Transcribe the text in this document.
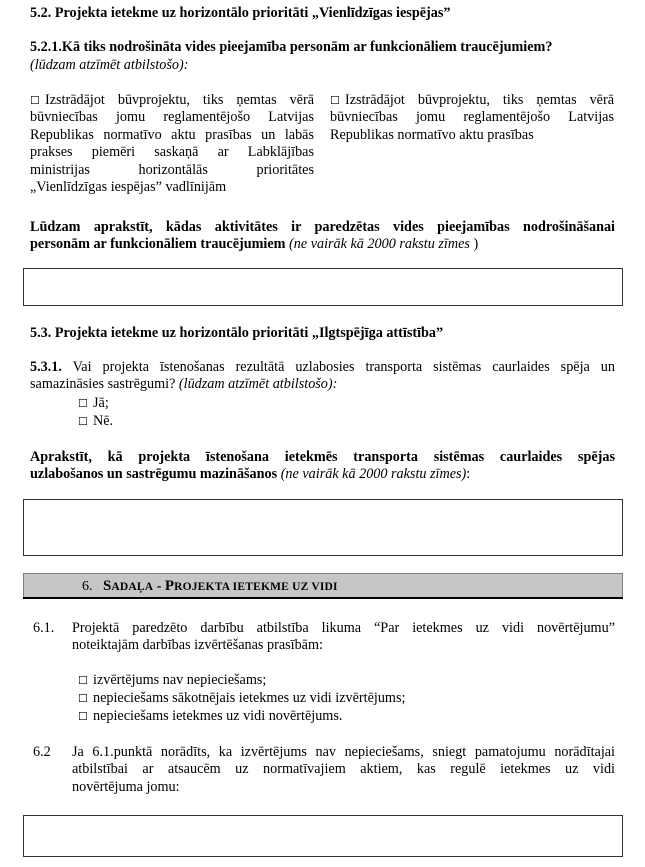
5.2. Projekta ietekme uz horizontālo prioritāti „Vienlīdzīgas iespējas”
5.2.1.Kā tiks nodrošināta vides pieejamība personām ar funkcionāliem traucējumiem?
(lūdzam atzīmēt atbilstošo):
☐ Izstrādājot būvprojektu, tiks ņemtas vērā
būvniecības jomu reglamentējošo Latvijas
Republikas normatīvo aktu prasības un labās
prakses piemēri saskaņā ar Labklājības
ministrijas horizontālās prioritātes
„Vienlīdzīgas iespējas” vadlīnijām
☐ Izstrādājot būvprojektu, tiks ņemtas vērā
būvniecības jomu reglamentējošo Latvijas
Republikas normatīvo aktu prasības
Lūdzam aprakstīt, kādas aktivitātes ir paredzētas vides pieejamības nodrošināšanai
personām ar funkcionāliem traucējumiem (ne vairāk kā 2000 rakstu zīmes )
5.3. Projekta ietekme uz horizontālo prioritāti „Ilgtspējīga attīstība”
5.3.1. Vai projekta īstenošanas rezultātā uzlabosies transporta sistēmas caurlaides spēja un
samazināsies sastrēgumi? (lūdzam atzīmēt atbilstošo):
☐ Jā;
☐ Nē.
Aprakstīt, kā projekta īstenošana ietekmēs transporta sistēmas caurlaides spējas
uzlabošanos un sastrēgumu mazināšanos (ne vairāk kā 2000 rakstu zīmes):
6. SADAĻA - PROJEKTA IETEKME UZ VIDI
6.1. Projektā paredzēto darbību atbilstība likuma “Par ietekmes uz vidi novērtējumu”
noteiktajām darbības izvērtēšanas prasībām:
☐ izvērtējums nav nepieciešams;
☐ nepieciešams sākotnējais ietekmes uz vidi izvērtējums;
☐ nepieciešams ietekmes uz vidi novērtējums.
6.2 Ja 6.1.punktā norādīts, ka izvērtējums nav nepieciešams, sniegt pamatojumu norādītajai
atbilstībai ar atsaucēm uz normatīvajiem aktiem, kas regulē ietekmes uz vidi
novērtējuma jomu:
